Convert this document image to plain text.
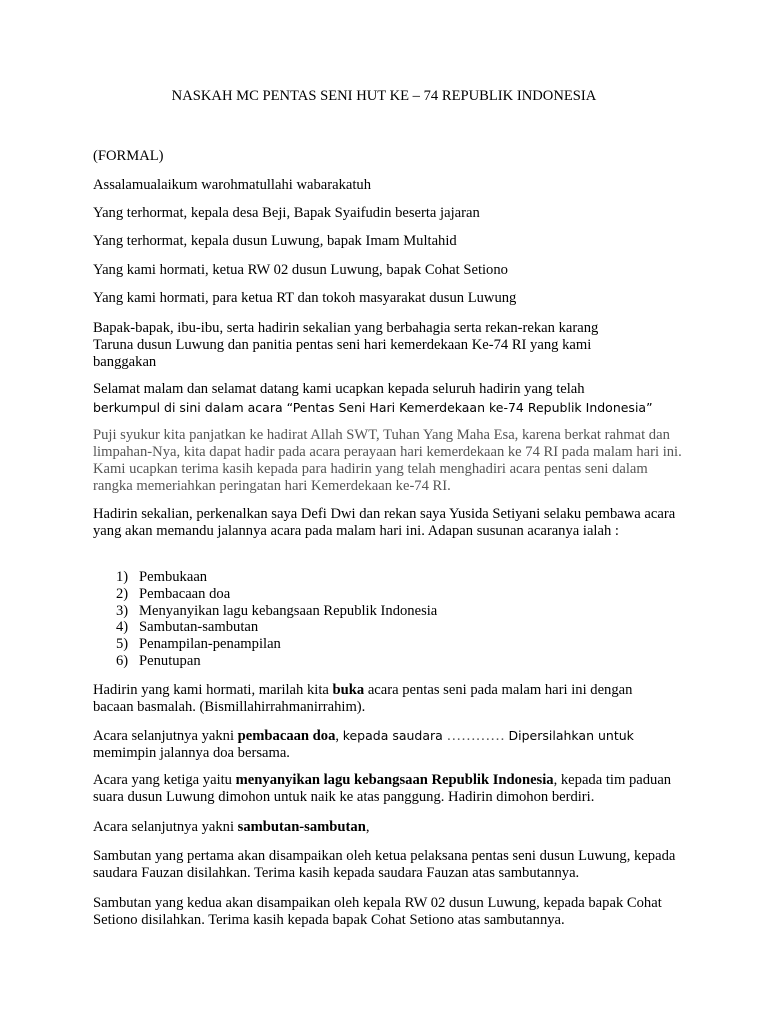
NASKAH MC PENTAS SENI HUT KE – 74 REPUBLIK INDONESIA

(FORMAL)

Assalamualaikum warohmatullahi wabarakatuh

Yang terhormat, kepala desa Beji, Bapak Syaifudin beserta jajaran

Yang terhormat, kepala dusun Luwung, bapak Imam Multahid

Yang kami hormati, ketua RW 02 dusun Luwung, bapak Cohat Setiono

Yang kami hormati, para ketua RT dan tokoh masyarakat dusun Luwung

Bapak-bapak, ibu-ibu, serta hadirin sekalian yang berbahagia serta rekan-rekan karang Taruna dusun Luwung dan panitia pentas seni hari kemerdekaan Ke-74 RI yang kami banggakan

Selamat malam dan selamat datang kami ucapkan kepada seluruh hadirin yang telah
berkumpul di sini dalam acara “Pentas Seni Hari Kemerdekaan ke-74 Republik Indonesia”

Puji syukur kita panjatkan ke hadirat Allah SWT, Tuhan Yang Maha Esa, karena berkat rahmat dan limpahan-Nya, kita dapat hadir pada acara perayaan hari kemerdekaan ke 74 RI pada malam hari ini. Kami ucapkan terima kasih kepada para hadirin yang telah menghadiri acara pentas seni dalam rangka memeriahkan peringatan hari Kemerdekaan ke-74 RI.

Hadirin sekalian, perkenalkan saya Defi Dwi dan rekan saya Yusida Setiyani selaku pembawa acara yang akan memandu jalannya acara pada malam hari ini. Adapan susunan acaranya ialah :

1) Pembukaan
2) Pembacaan doa
3) Menyanyikan lagu kebangsaan Republik Indonesia
4) Sambutan-sambutan
5) Penampilan-penampilan
6) Penutupan

Hadirin yang kami hormati, marilah kita buka acara pentas seni pada malam hari ini dengan bacaan basmalah. (Bismillahirrahmanirrahim).

Acara selanjutnya yakni pembacaan doa, kepada saudara ………… Dipersilahkan untuk
memimpin jalannya doa bersama.

Acara yang ketiga yaitu menyanyikan lagu kebangsaan Republik Indonesia, kepada tim paduan suara dusun Luwung dimohon untuk naik ke atas panggung. Hadirin dimohon berdiri.

Acara selanjutnya yakni sambutan-sambutan,

Sambutan yang pertama akan disampaikan oleh ketua pelaksana pentas seni dusun Luwung, kepada saudara Fauzan disilahkan. Terima kasih kepada saudara Fauzan atas sambutannya.

Sambutan yang kedua akan disampaikan oleh kepala RW 02 dusun Luwung, kepada bapak Cohat Setiono disilahkan. Terima kasih kepada bapak Cohat Setiono atas sambutannya.
